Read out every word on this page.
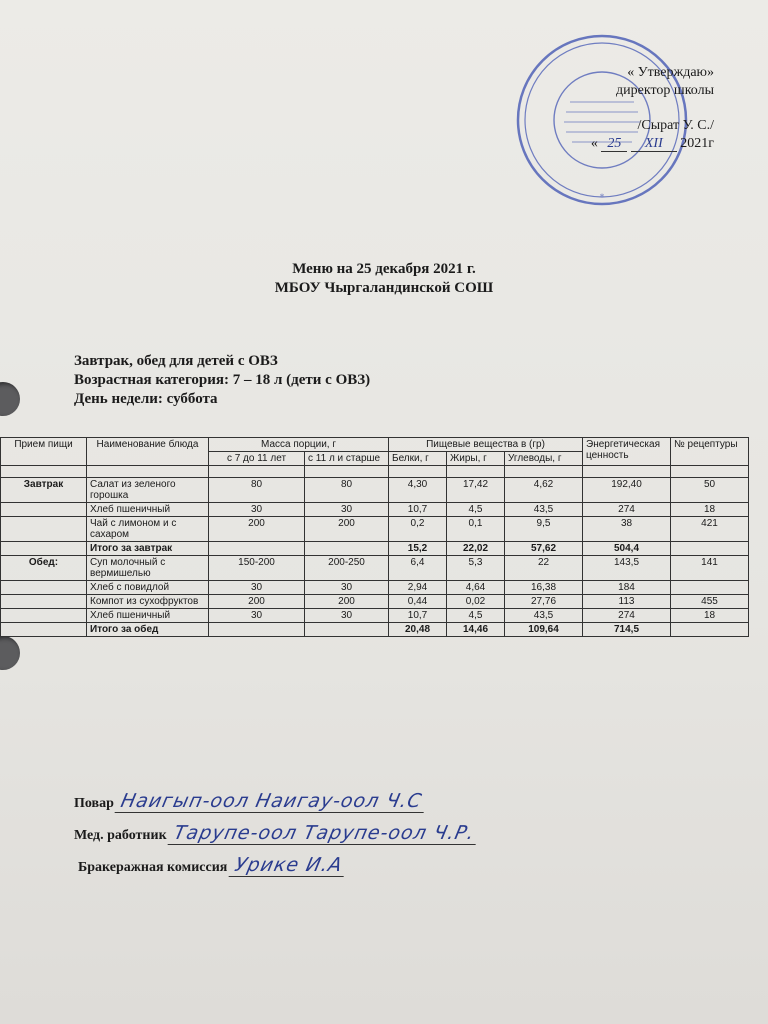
*
« Утверждаю»
директор школы
/Сырат У. С./
« 25 XII 2021г
Меню на 25 декабря 2021 г.
МБОУ Чыргаландинской СОШ
Завтрак, обед для детей с ОВЗ
Возрастная категория: 7 – 18 л (дети с ОВЗ)
День недели: суббота
Прием пищи	Наименование блюда	Масса порции, г		Пищевые вещества в (гр)			Энергетическая ценность	№ рецептуры
		с 7 до 11 лет	с 11 л и старше	Белки, г	Жиры, г	Углеводы, г		

Завтрак	Салат из зеленого горошка	80	80	4,30	17,42	4,62	192,40	50
	Хлеб пшеничный	30	30	10,7	4,5	43,5	274	18
	Чай с лимоном и с сахаром	200	200	0,2	0,1	9,5	38	421
	Итого за завтрак			15,2	22,02	57,62	504,4	
Обед:	Суп молочный с вермишелью	150-200	200-250	6,4	5,3	22	143,5	141
	Хлеб с повидлой	30	30	2,94	4,64	16,38	184	
	Компот из сухофруктов	200	200	0,44	0,02	27,76	113	455
	Хлеб пшеничный	30	30	10,7	4,5	43,5	274	18
	Итого за обед			20,48	14,46	109,64	714,5	
Повар Наигып-оол Наигау-оол Ч.С
Мед. работник Тарупе-оол Тарупе-оол Ч.Р.
Бракеражная комиссия Урике И.А
